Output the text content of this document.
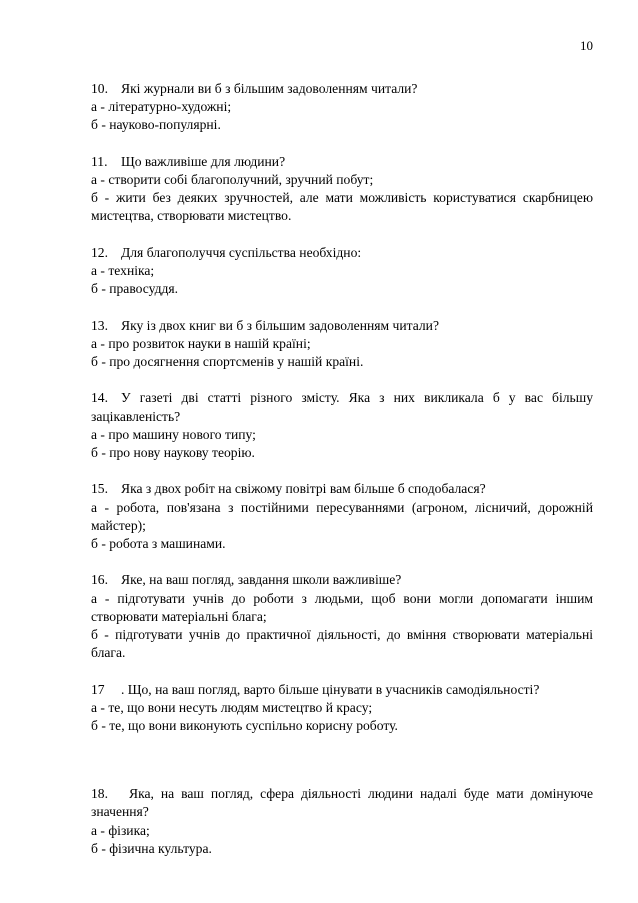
10
10. Які журнали ви б з більшим задоволенням читали?
а - літературно-художні;
б - науково-популярні.
11. Що важливіше для людини?
а - створити собі благополучний, зручний побут;
б - жити без деяких зручностей, але мати можливість користуватися скарбницею мистецтва, створювати мистецтво.
12. Для благополуччя суспільства необхідно:
а - техніка;
б - правосуддя.
13. Яку із двох книг ви б з більшим задоволенням читали?
а - про розвиток науки в нашій країні;
б - про досягнення спортсменів у нашій країні.
14. У газеті дві статті різного змісту. Яка з них викликала б у вас більшу зацікавленість?
а - про машину нового типу;
б - про нову наукову теорію.
15. Яка з двох робіт на свіжому повітрі вам більше б сподобалася?
а - робота, пов'язана з постійними пересуваннями (агроном, лісничий, дорожній майстер);
б - робота з машинами.
16. Яке, на ваш погляд, завдання школи важливіше?
а - підготувати учнів до роботи з людьми, щоб вони могли допомагати іншим створювати матеріальні блага;
б - підготувати учнів до практичної діяльності, до вміння створювати матеріальні блага.
17 . Що, на ваш погляд, варто більше цінувати в учасників самодіяльності?
а - те, що вони несуть людям мистецтво й красу;
б - те, що вони виконують суспільно корисну роботу.
18. Яка, на ваш погляд, сфера діяльності людини надалі буде мати домінуюче значення?
а - фізика;
б - фізична культура.
